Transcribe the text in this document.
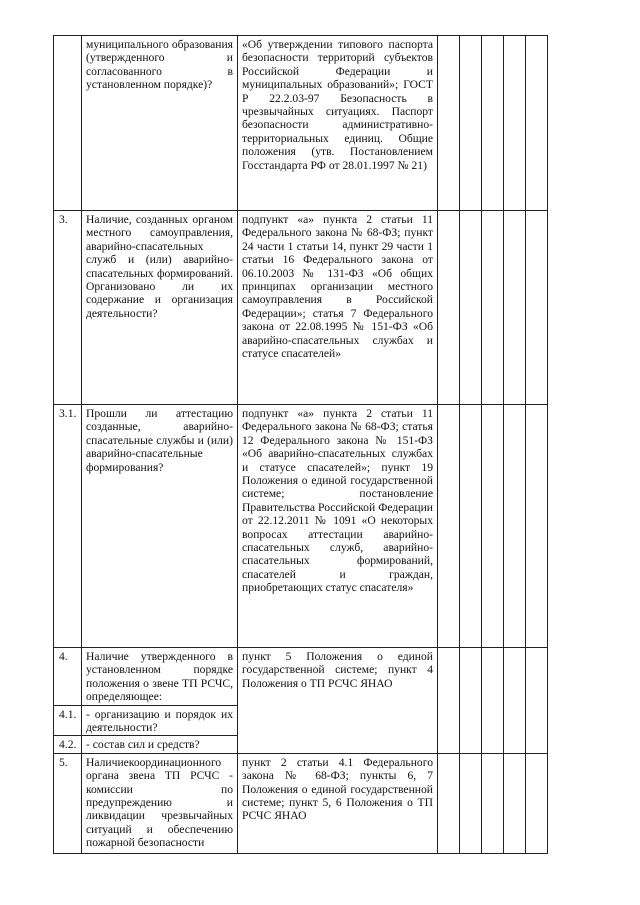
	муниципального образования (утвержденного и согласованного в установленном порядке)?	«Об утверждении типового паспорта безопасности территорий субъектов Российской Федерации и муниципальных образований»; ГОСТ Р 22.2.03-97 Безопасность в чрезвычайных ситуациях. Паспорт безопасности административно-территориальных единиц. Общие положения (утв. Постановлением Госстандарта РФ от 28.01.1997 № 21)					
3.	Наличие, созданных органом местного самоуправления, аварийно-спасательных служб и (или) аварийно-спасательных формирований. Организовано ли их содержание и организация деятельности?	подпункт «а» пункта 2 статьи 11 Федерального закона № 68-ФЗ; пункт 24 части 1 статьи 14, пункт 29 части 1 статьи 16 Федерального закона от 06.10.2003 № 131-ФЗ «Об общих принципах организации местного самоуправления в Российской Федерации»; статья 7 Федерального закона от 22.08.1995 № 151-ФЗ «Об аварийно-спасательных службах и статусе спасателей»					
3.1.	Прошли ли аттестацию созданные, аварийно-спасательные службы и (или) аварийно-спасательные формирования?	подпункт «а» пункта 2 статьи 11 Федерального закона № 68-ФЗ; статья 12 Федерального закона № 151-ФЗ «Об аварийно-спасательных службах и статусе спасателей»; пункт 19 Положения о единой государственной системе; постановление Правительства Российской Федерации от 22.12.2011 № 1091 «О некоторых вопросах аттестации аварийно-спасательных служб, аварийно-спасательных формирований, спасателей и граждан, приобретающих статус спасателя»					
4.	Наличие утвержденного в установленном порядке положения о звене ТП РСЧС, определяющее:	пункт 5 Положения о единой государственной системе; пункт 4 Положения о ТП РСЧС ЯНАО					
4.1.	- организацию и порядок их деятельности?						
4.2.	- состав сил и средств?						
5.	Наличиекоординационного органа звена ТП РСЧС - комиссии по предупреждению и ликвидации чрезвычайных ситуаций и обеспечению пожарной безопасности	пункт 2 статьи 4.1 Федерального закона № 68-ФЗ; пункты 6, 7 Положения о единой государственной системе; пункт 5, 6 Положения о ТП РСЧС ЯНАО					
